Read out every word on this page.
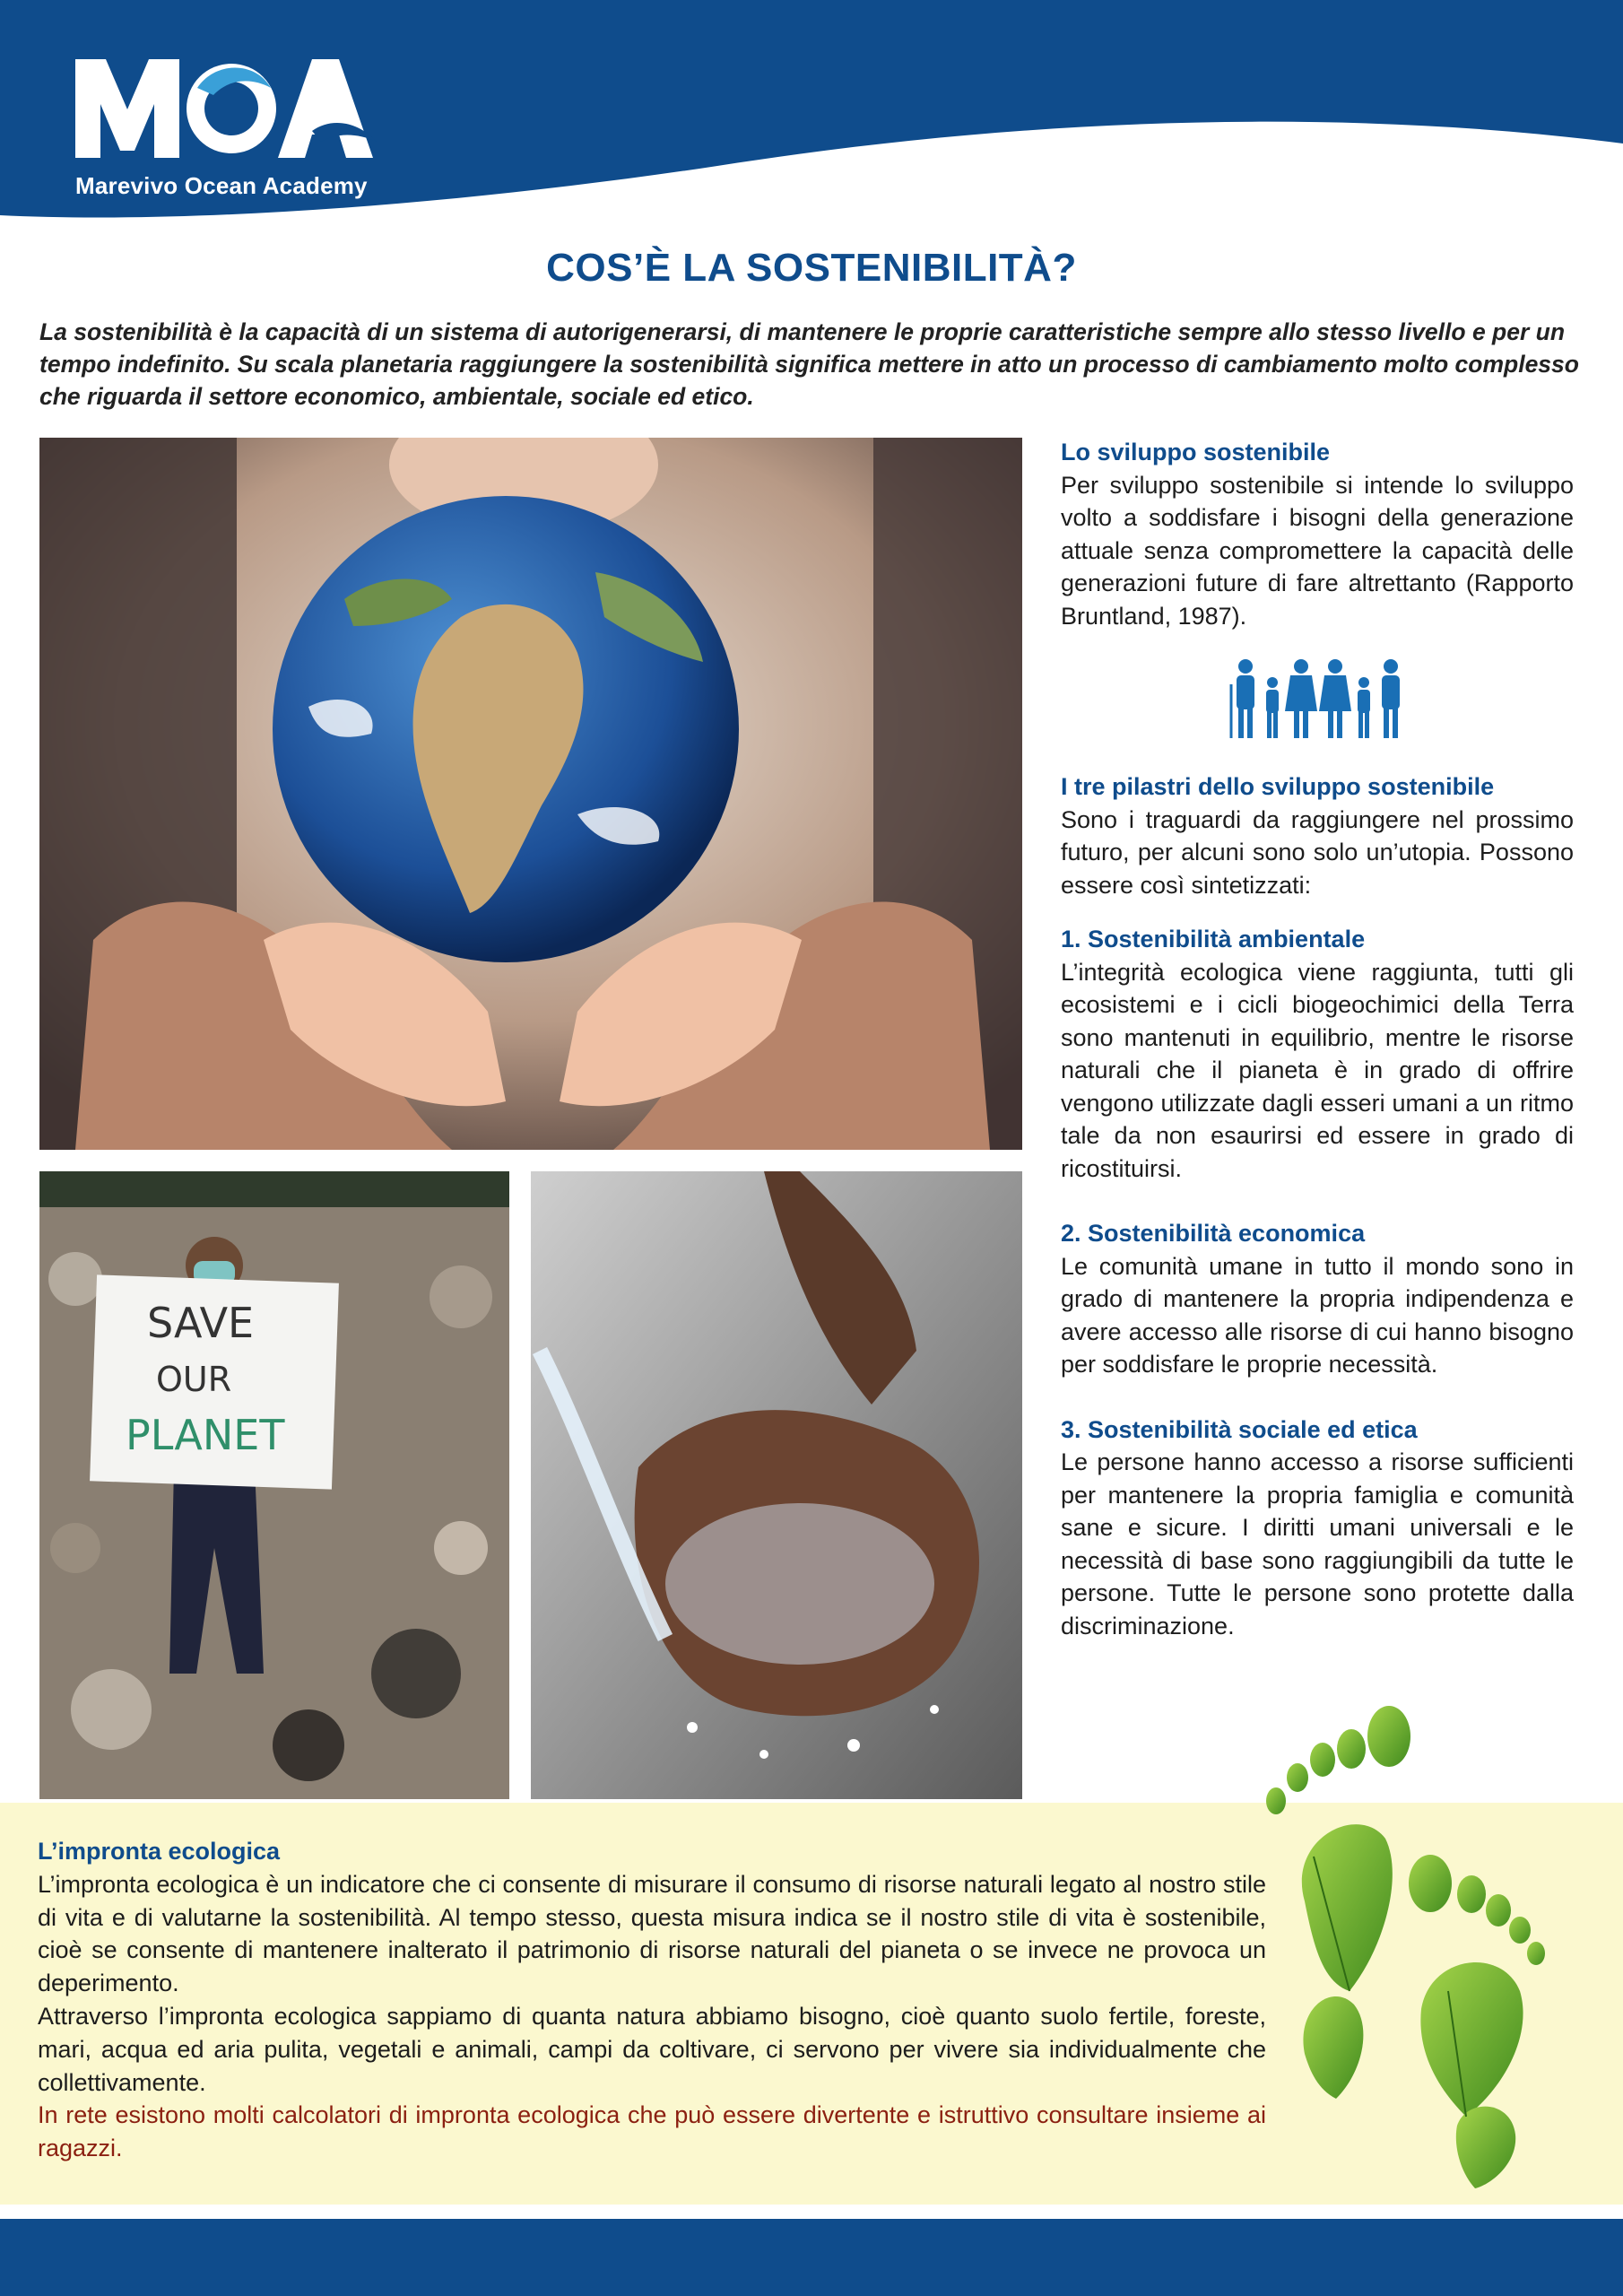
Marevivo Ocean Academy
COS’È LA SOSTENIBILITÀ?
La sostenibilità è la capacità di un sistema di autorigenerarsi, di mantenere le proprie caratteristiche sempre allo stesso livello e per un tempo indefinito. Su scala planetaria raggiungere la sostenibilità significa mettere in atto un processo di cambiamento molto complesso che riguarda il settore economico, ambientale, sociale ed etico.
SAVE
OUR
PLANET
Lo sviluppo sostenibile

Per sviluppo sostenibile si intende lo sviluppo volto a soddisfare i bisogni della generazione attuale senza compromettere la capacità delle generazioni future di fare altrettanto (Rapporto Bruntland, 1987).

I tre pilastri dello sviluppo sostenibile

Sono i traguardi da raggiungere nel prossimo futuro, per alcuni sono solo un’utopia. Possono essere così sintetizzati:

1. Sostenibilità ambientale

L’integrità ecologica viene raggiunta, tutti gli ecosistemi e i cicli biogeochimici della Terra sono mantenuti in equilibrio, mentre le risorse naturali che il pianeta è in grado di offrire vengono utilizzate dagli esseri umani a un ritmo tale da non esaurirsi ed essere in grado di ricostituirsi.

2. Sostenibilità economica

Le comunità umane in tutto il mondo sono in grado di mantenere la propria indipendenza e avere accesso alle risorse di cui hanno bisogno per soddisfare le proprie necessità.

3. Sostenibilità sociale ed etica

Le persone hanno accesso a risorse sufficienti per mantenere la propria famiglia e comunità sane e sicure. I diritti umani universali e le necessità di base sono raggiungibili da tutte le persone. Tutte le persone sono protette dalla discriminazione.

L’impronta ecologica

L’impronta ecologica è un indicatore che ci consente di misurare il consumo di risorse naturali legato al nostro stile di vita e di valutarne la sostenibilità. Al tempo stesso, questa misura indica se il nostro stile di vita è sostenibile, cioè se consente di mantenere inalterato il patrimonio di risorse naturali del pianeta o se invece ne provoca un deperimento.

Attraverso l’impronta ecologica sappiamo di quanta natura abbiamo bisogno, cioè quanto suolo fertile, foreste, mari, acqua ed aria pulita, vegetali e animali, campi da coltivare, ci servono per vivere sia individualmente che collettivamente.

In rete esistono molti calcolatori di impronta ecologica che può essere divertente e istruttivo consultare insieme ai ragazzi.
